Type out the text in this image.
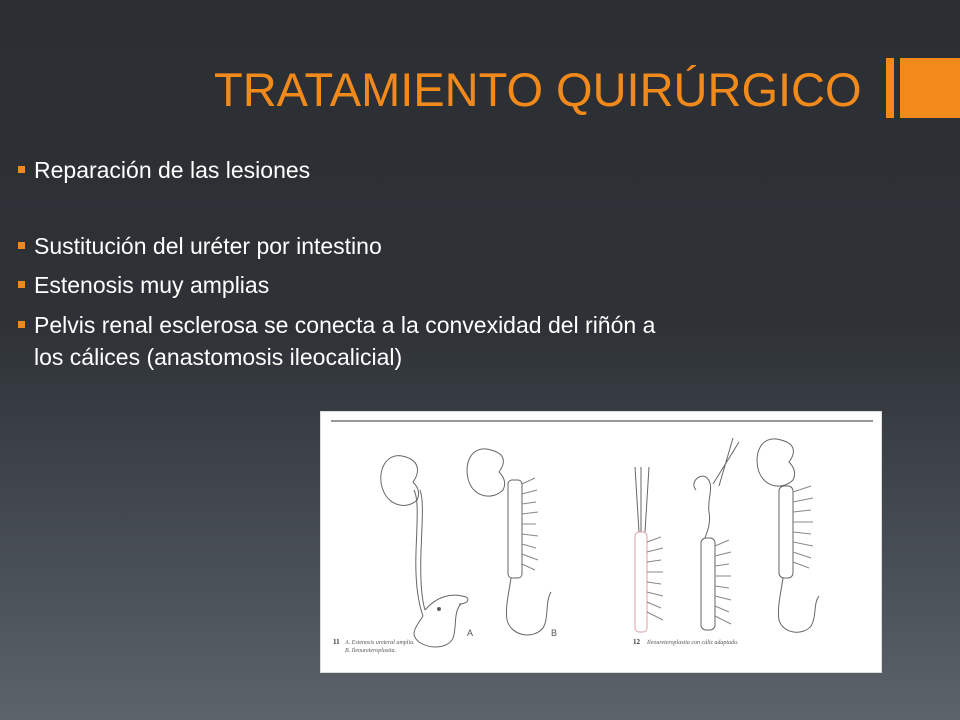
TRATAMIENTO QUIRÚRGICO
Reparación de las lesiones
Sustitución del uréter por intestino
Estenosis muy amplias
Pelvis renal esclerosa se conecta a la convexidad del riñón a
los cálices (anastomosis ileocalicial)
A	B
11 A. Estenosis ureteral amplia.
B. Ileoureteroplastia.
12 Ileoureteroplastia con cáliz adaptado.
